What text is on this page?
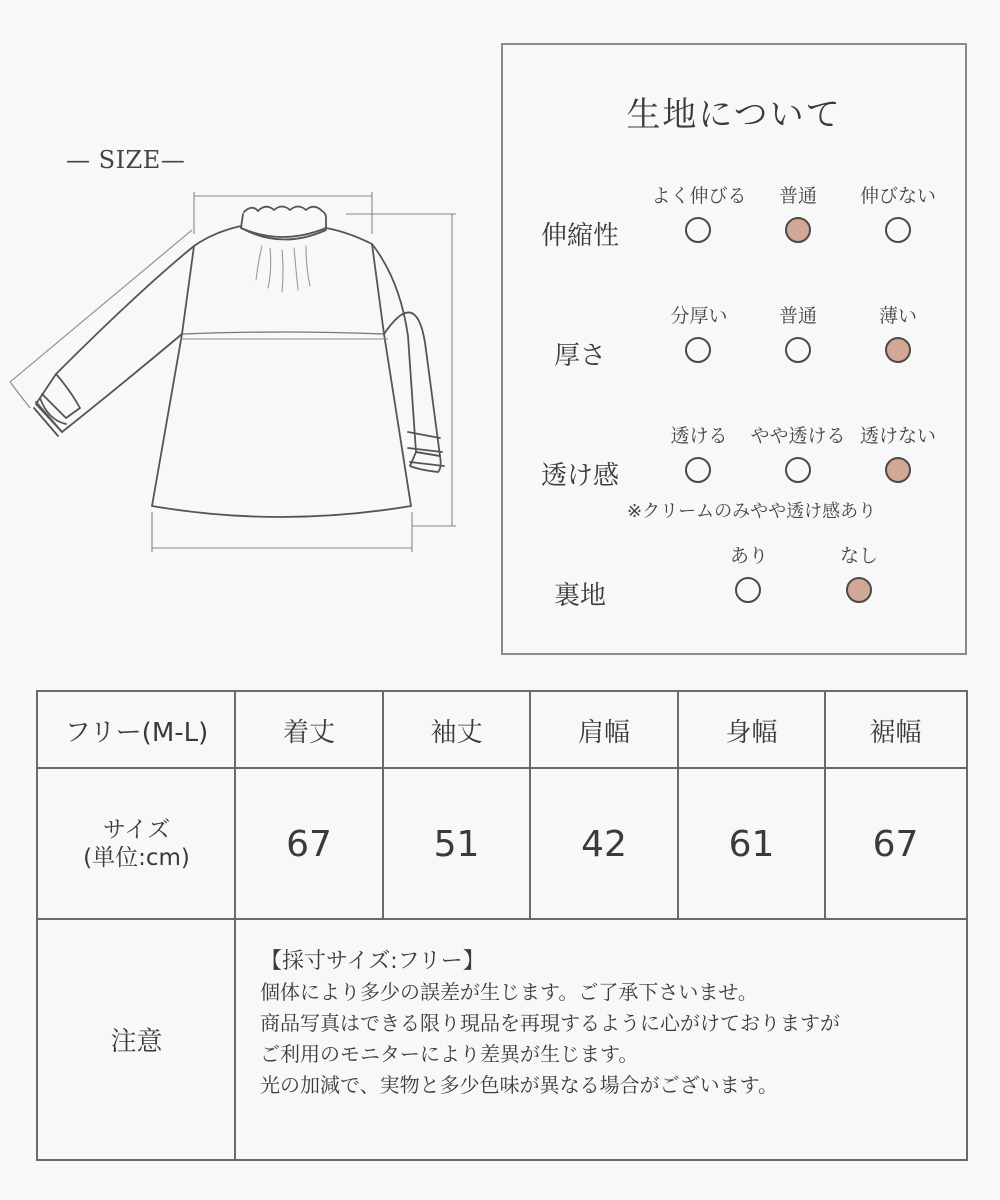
— SIZE—
生地について
よく伸びる	普通	伸びない
伸縮性
分厚い	普通	薄い
厚さ
透ける	やや透ける 透けない
透け感
※クリームのみやや透け感あり
あり	なし
裏地
フリー(M-L)	着丈	袖丈	肩幅	身幅	裾幅
サイズ
(単位:cm)	67	51	42	61	67
注意
【採寸サイズ:フリー】
個体により多少の誤差が生じます。ご了承下さいませ。
商品写真はできる限り現品を再現するように心がけておりますが
ご利用のモニターにより差異が生じます。
光の加減で、実物と多少色味が異なる場合がございます。
